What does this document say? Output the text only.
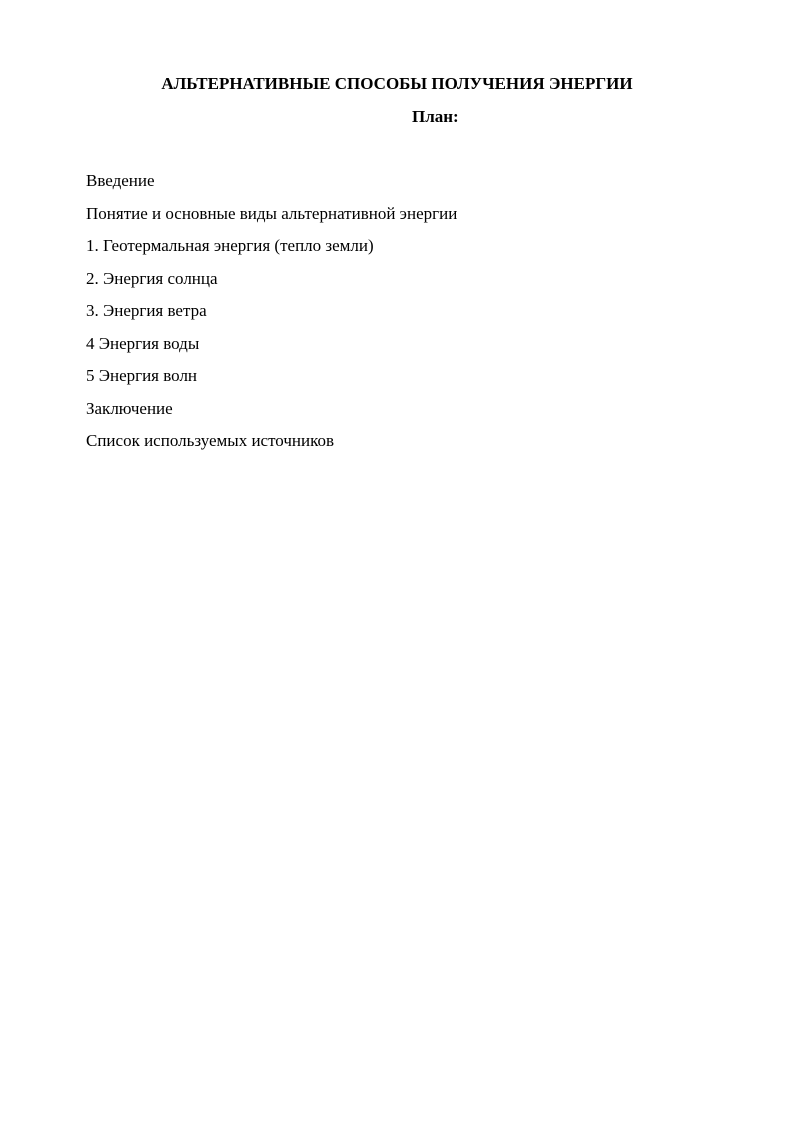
АЛЬТЕРНАТИВНЫЕ СПОСОБЫ ПОЛУЧЕНИЯ ЭНЕРГИИ
План:
Введение
Понятие и основные виды альтернативной энергии
1. Геотермальная энергия (тепло земли)
2. Энергия солнца
3. Энергия ветра
4 Энергия воды
5 Энергия волн
Заключение
Список используемых источников
